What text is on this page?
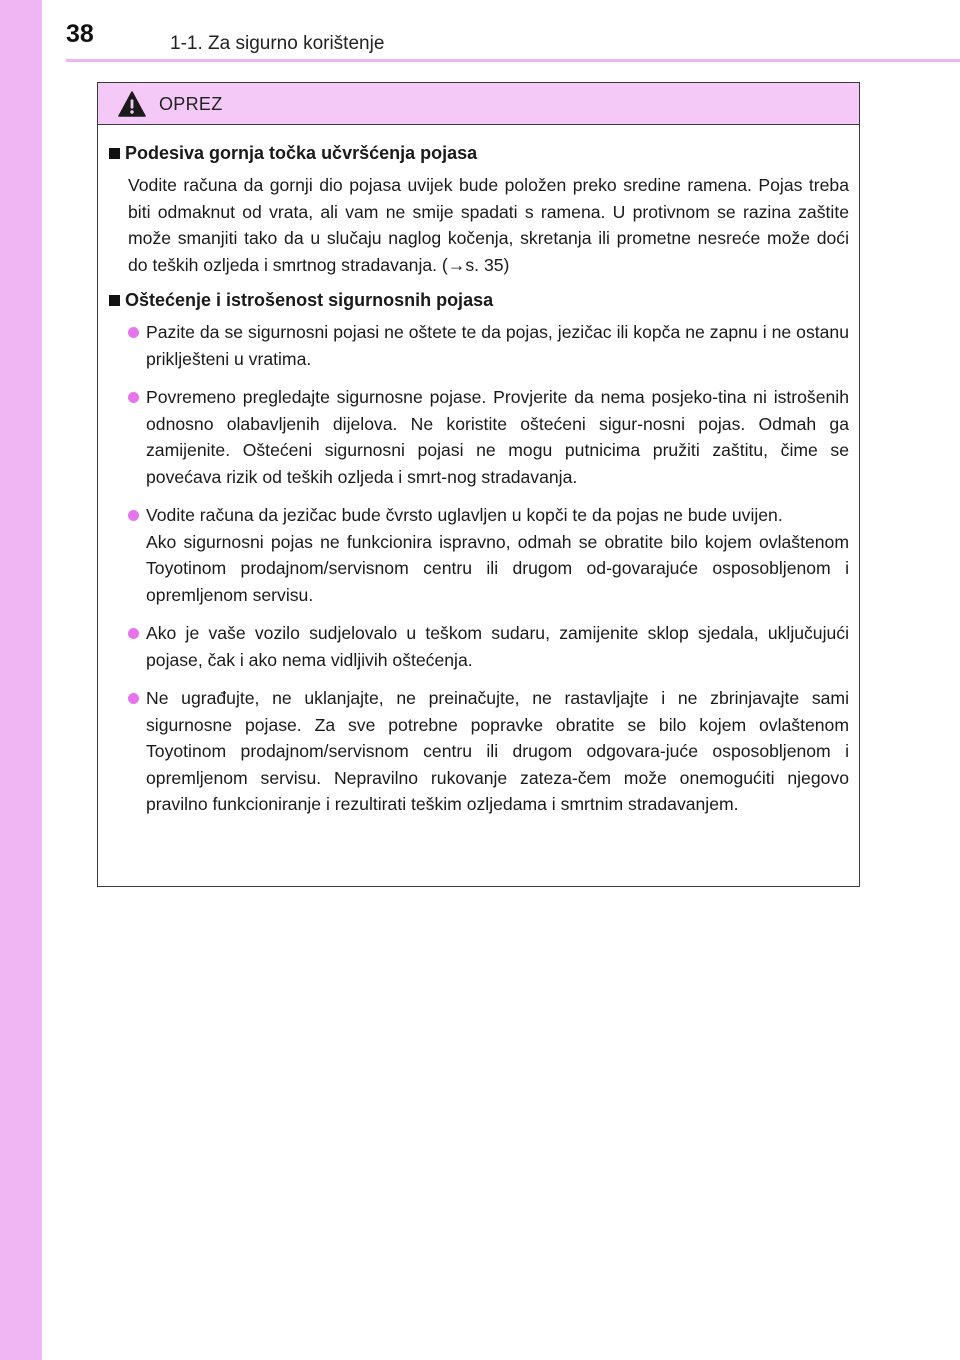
38	1-1. Za sigurno korištenje
OPREZ
Podesiva gornja točka učvršćenja pojasa

Vodite računa da gornji dio pojasa uvijek bude položen preko sredine ramena. Pojas treba biti odmaknut od vrata, ali vam ne smije spadati s ramena. U protivnom se razina zaštite može smanjiti tako da u slučaju naglog kočenja, skretanja ili prometne nesreće može doći do teških ozljeda i smrtnog stradavanja. (→s. 35)

Oštećenje i istrošenost sigurnosnih pojasa

Pazite da se sigurnosni pojasi ne oštete te da pojas, jezičac ili kopča ne zapnu i ne ostanu priklješteni u vratima.

Povremeno pregledajte sigurnosne pojase. Provjerite da nema posjeko-tina ni istrošenih odnosno olabavljenih dijelova. Ne koristite oštećeni sigur-nosni pojas. Odmah ga zamijenite. Oštećeni sigurnosni pojasi ne mogu putnicima pružiti zaštitu, čime se povećava rizik od teških ozljeda i smrt-nog stradavanja.

Vodite računa da jezičac bude čvrsto uglavljen u kopči te da pojas ne bude uvijen.
Ako sigurnosni pojas ne funkcionira ispravno, odmah se obratite bilo kojem ovlaštenom Toyotinom prodajnom/servisnom centru ili drugom od-govarajuće osposobljenom i opremljenom servisu.

Ako je vaše vozilo sudjelovalo u teškom sudaru, zamijenite sklop sjedala, uključujući pojase, čak i ako nema vidljivih oštećenja.

Ne ugrađujte, ne uklanjajte, ne preinačujte, ne rastavljajte i ne zbrinjavajte sami sigurnosne pojase. Za sve potrebne popravke obratite se bilo kojem ovlaštenom Toyotinom prodajnom/servisnom centru ili drugom odgovara-juće osposobljenom i opremljenom servisu. Nepravilno rukovanje zateza-čem može onemogućiti njegovo pravilno funkcioniranje i rezultirati teškim ozljedama i smrtnim stradavanjem.
